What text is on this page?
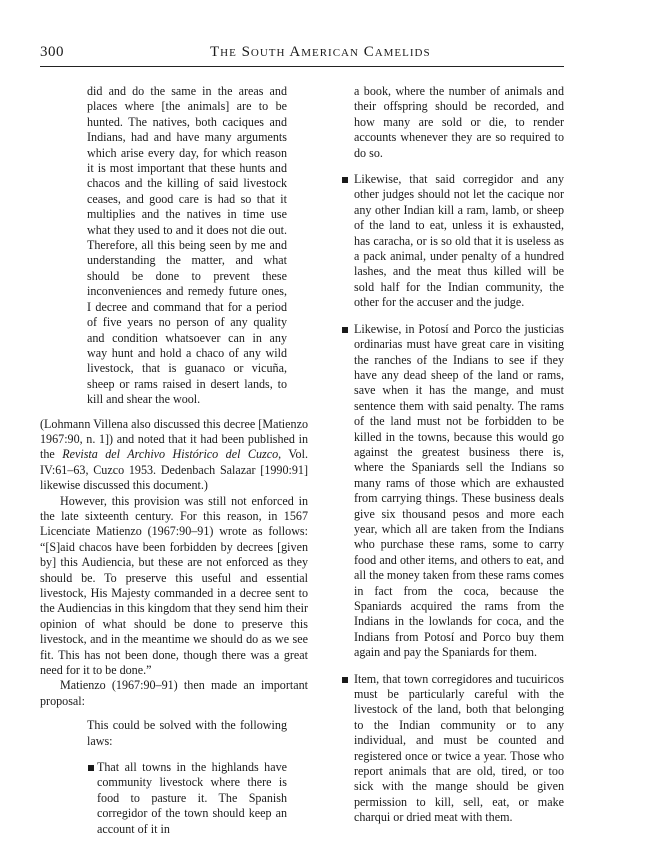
300	The South American Camelids

did and do the same in the areas and places where [the animals] are to be hunted. The natives, both caciques and Indians, had and have many arguments which arise every day, for which reason it is most important that these hunts and chacos and the killing of said livestock ceases, and good care is had so that it multiplies and the natives in time use what they used to and it does not die out. Therefore, all this being seen by me and understanding the matter, and what should be done to prevent these inconveniences and remedy future ones, I decree and command that for a period of five years no person of any quality and condition whatsoever can in any way hunt and hold a chaco of any wild livestock, that is guanaco or vicuña, sheep or rams raised in desert lands, to kill and shear the wool.

(Lohmann Villena also discussed this decree [Matienzo 1967:90, n. 1]) and noted that it had been published in the Revista del Archivo Histórico del Cuzco, Vol. IV:61–63, Cuzco 1953. Dedenbach Salazar [1990:91] likewise discussed this document.)

However, this provision was still not enforced in the late sixteenth century. For this reason, in 1567 Licenciate Matienzo (1967:90–91) wrote as follows: “[S]aid chacos have been forbidden by decrees [given by] this Audiencia, but these are not enforced as they should be. To preserve this useful and essential livestock, His Majesty commanded in a decree sent to the Audiencias in this kingdom that they send him their opinion of what should be done to preserve this livestock, and in the meantime we should do as we see fit. This has not been done, though there was a great need for it to be done.”

Matienzo (1967:90–91) then made an important proposal:

This could be solved with the following laws:

That all towns in the highlands have community livestock where there is food to pasture it. The Spanish corregidor of the town should keep an account of it in

a book, where the number of animals and their offspring should be recorded, and how many are sold or die, to render accounts whenever they are so required to do so.

Likewise, that said corregidor and any other judges should not let the cacique nor any other Indian kill a ram, lamb, or sheep of the land to eat, unless it is exhausted, has caracha, or is so old that it is useless as a pack animal, under penalty of a hundred lashes, and the meat thus killed will be sold half for the Indian community, the other for the accuser and the judge.

Likewise, in Potosí and Porco the justicias ordinarias must have great care in visiting the ranches of the Indians to see if they have any dead sheep of the land or rams, save when it has the mange, and must sentence them with said penalty. The rams of the land must not be forbidden to be killed in the towns, because this would go against the greatest business there is, where the Spaniards sell the Indians so many rams of those which are exhausted from carrying things. These business deals give six thousand pesos and more each year, which all are taken from the Indians who purchase these rams, some to carry food and other items, and others to eat, and all the money taken from these rams comes in fact from the coca, because the Spaniards acquired the rams from the Indians in the lowlands for coca, and the Indians from Potosí and Porco buy them again and pay the Spaniards for them.

Item, that town corregidores and tucuiricos must be particularly careful with the livestock of the land, both that belonging to the Indian community or to any individual, and must be counted and registered once or twice a year. Those who report animals that are old, tired, or too sick with the mange should be given permission to kill, sell, eat, or make charqui or dried meat with them.
